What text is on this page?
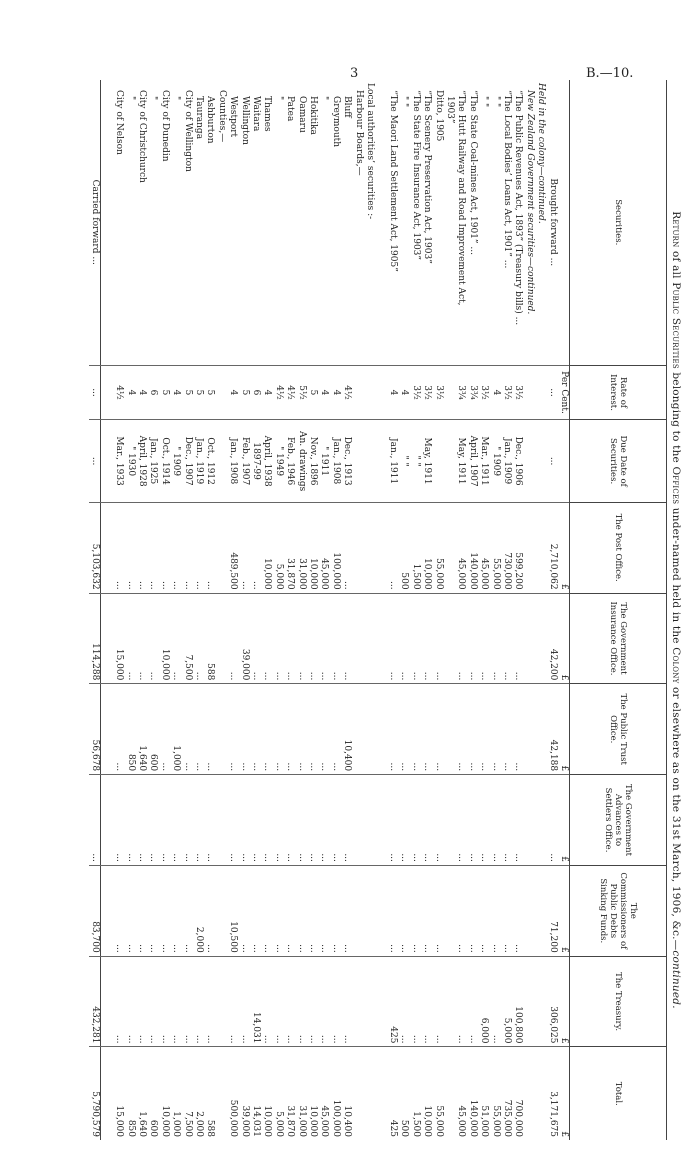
3	B.—10.
Return of all Public Securities belonging to the Offices under-named held in the Colony or elsewhere as on the 31st March, 1906, &c.—continued.
Securities.	Rate of Interest.	Due Date of Securities.	The Post Office.	The Government Insurance Office.	The Public Trust Office.	The Government Advances to Settlers Office.	The Commissioners of Public Debts Sinking Funds.	The Treasury.	Total.
	Per Cent.		£	£	£	£	£	£	£
Brought forward ...	...	...	2,710,062	42,200	42,188	...	71,200	306,025	3,171,675
Held in the colony—continued.									
New Zealand Government securities—continued.									
“The Public Revenues Act, 1893” (Treasury bills) ...	3½	Dec., 1906	599,200	...	...	...	...	100,800	700,000
“The Local Bodies’ Loans Act, 1901” ...	3½	Jan., 1909	730,000	...	...	...	...	5,000	735,000
" "	4	" 1909	55,000	...	...	...	...	...	55,000
" "	3½	Mar., 1911	45,000	...	...	...	...	6,000	51,000
“The State Coal-mines Act, 1901” ...	3¾	April, 1907	140,000	...	...	...	...	...	140,000
“The Hutt Railway and Road Improvement Act,	3¾	May, 1911	45,000	...	...	...	...	...	45,000
1903”									
Ditto, 1905	3½		55,000	...	...	...	...	...	55,000
“The Scenery Preservation Act, 1903”	3½	May, 1911	10,000	...	...	...	...	...	10,000
“The State Fire Insurance Act, 1903”	3½	" "	1,500	...	...	...	...	...	1,500
" "	4	" "	500	...	...	...	...	...	500
“The Maori Land Settlement Act, 1905”	4	Jan., 1911	...	...	...	...	...	425	425

Local authorities’ securities :-									
Harbour Boards,—									
Bluff	4½	Dec., 1913	...	...	10,400	...	...	...	10,400
Greymouth	4	Jan., 1908	100,000	...	...	...	...	...	100,000
"	4	" 1911	45,000	...	...	...	...	...	45,000
Hokitika	5	Nov., 1896	10,000	...	...	...	...	...	10,000
Oamaru	5½	An. drawings	31,000	...	...	...	...	...	31,000
Patea	4½	Feb., 1946	31,870	...	...	...	...	...	31,870
"	4½	" 1949	5,000	...	...	...	...	...	5,000
Thames	4	April, 1938	10,000	...	...	...	...	...	10,000
Waitara	6	1897-99	...	...	...	...	...	14,031	14,031
Wellington	5	Feb., 1907	...	39,000	...	...	...	...	39,000
Westport	4	Jan., 1908	489,500	...	...	...	10,500	...	500,000
Counties,—									
Ashburton	5	Oct., 1912	...	588	...	...	...	...	588
Tauranga	5	Jan., 1919	...	...	...	...	2,000	...	2,000
City of Wellington	5	Dec., 1907	...	7,500	...	...	...	...	7,500
"	4	" 1909	...	...	1,000	...	...	...	1,000
City of Dunedin	5	Oct., 1914	...	10,000	...	...	...	...	10,000
"	6	Jan., 1925	...	...	600	...	...	...	600
City of Christchurch	4	April, 1928	...	...	1,640	...	...	...	1,640
"	4	" 1930	...	...	850	...	...	...	850
City of Nelson	4½	Mar., 1933	...	15,000	...	...	...	...	15,000

Carried forward ...	...	...	5,103,632	114,288	56,678	...	83,700	432,281	5,790,579
